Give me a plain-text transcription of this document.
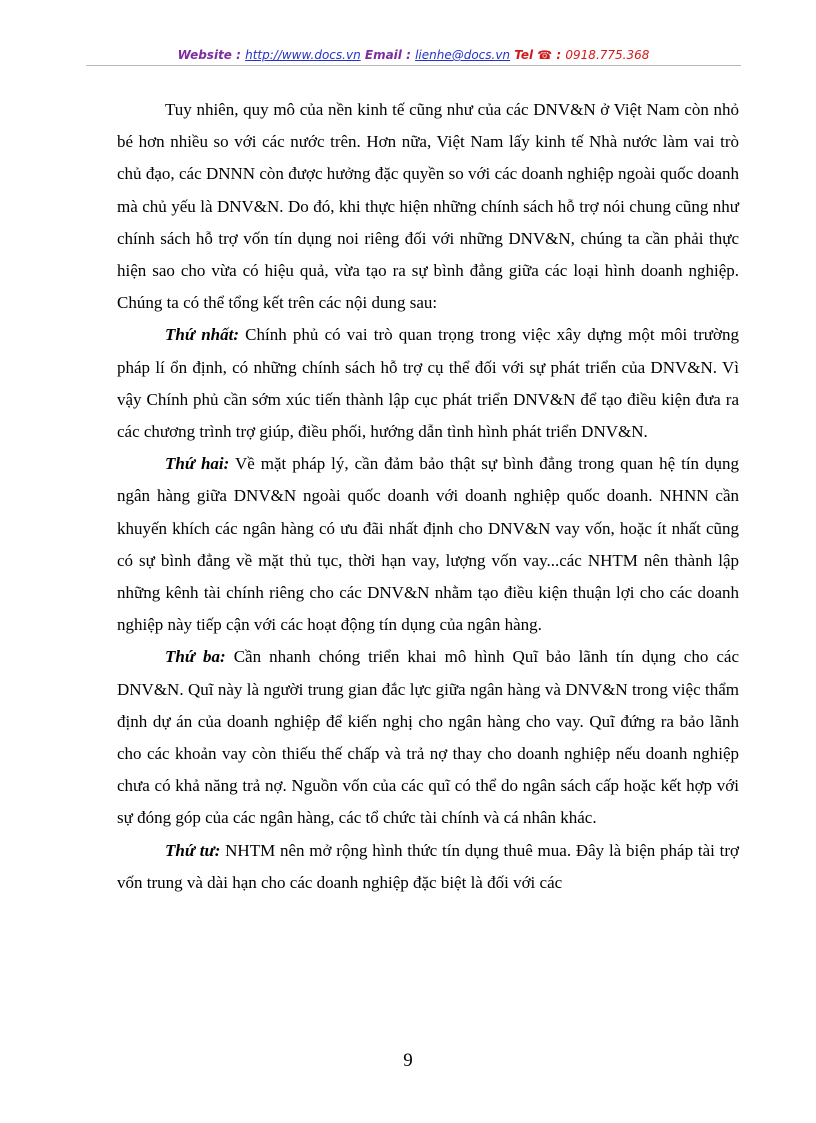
Website : http://www.docs.vn Email : lienhe@docs.vn Tel ☎ : 0918.775.368

Tuy nhiên, quy mô của nền kinh tế cũng như của các DNV&N ở Việt Nam còn nhỏ bé hơn nhiều so với các nước trên. Hơn nữa, Việt Nam lấy kinh tế Nhà nước làm vai trò chủ đạo, các DNNN còn được hưởng đặc quyền so với các doanh nghiệp ngoài quốc doanh mà chủ yếu là DNV&N. Do đó, khi thực hiện những chính sách hỗ trợ nói chung cũng như chính sách hỗ trợ vốn tín dụng noi riêng đối với những DNV&N, chúng ta cần phải thực hiện sao cho vừa có hiệu quả, vừa tạo ra sự bình đẳng giữa các loại hình doanh nghiệp. Chúng ta có thể tổng kết trên các nội dung sau:

Thứ nhất: Chính phủ có vai trò quan trọng trong việc xây dựng một môi trường pháp lí ổn định, có những chính sách hỗ trợ cụ thể đối với sự phát triển của DNV&N. Vì vậy Chính phủ cần sớm xúc tiến thành lập cục phát triển DNV&N để tạo điều kiện đưa ra các chương trình trợ giúp, điều phối, hướng dẫn tình hình phát triển DNV&N.

Thứ hai: Về mặt pháp lý, cần đảm bảo thật sự bình đẳng trong quan hệ tín dụng ngân hàng giữa DNV&N ngoài quốc doanh với doanh nghiệp quốc doanh. NHNN cần khuyến khích các ngân hàng có ưu đãi nhất định cho DNV&N vay vốn, hoặc ít nhất cũng có sự bình đẳng về mặt thủ tục, thời hạn vay, lượng vốn vay...các NHTM nên thành lập những kênh tài chính riêng cho các DNV&N nhằm tạo điều kiện thuận lợi cho các doanh nghiệp này tiếp cận với các hoạt động tín dụng của ngân hàng.

Thứ ba: Cần nhanh chóng triển khai mô hình Quĩ bảo lãnh tín dụng cho các DNV&N. Quĩ này là người trung gian đắc lực giữa ngân hàng và DNV&N trong việc thẩm định dự án của doanh nghiệp để kiến nghị cho ngân hàng cho vay. Quĩ đứng ra bảo lãnh cho các khoản vay còn thiếu thế chấp và trả nợ thay cho doanh nghiệp nếu doanh nghiệp chưa có khả năng trả nợ. Nguồn vốn của các quĩ có thể do ngân sách cấp hoặc kết hợp với sự đóng góp của các ngân hàng, các tổ chức tài chính và cá nhân khác.

Thứ tư: NHTM nên mở rộng hình thức tín dụng thuê mua. Đây là biện pháp tài trợ vốn trung và dài hạn cho các doanh nghiệp đặc biệt là đối với các

9
